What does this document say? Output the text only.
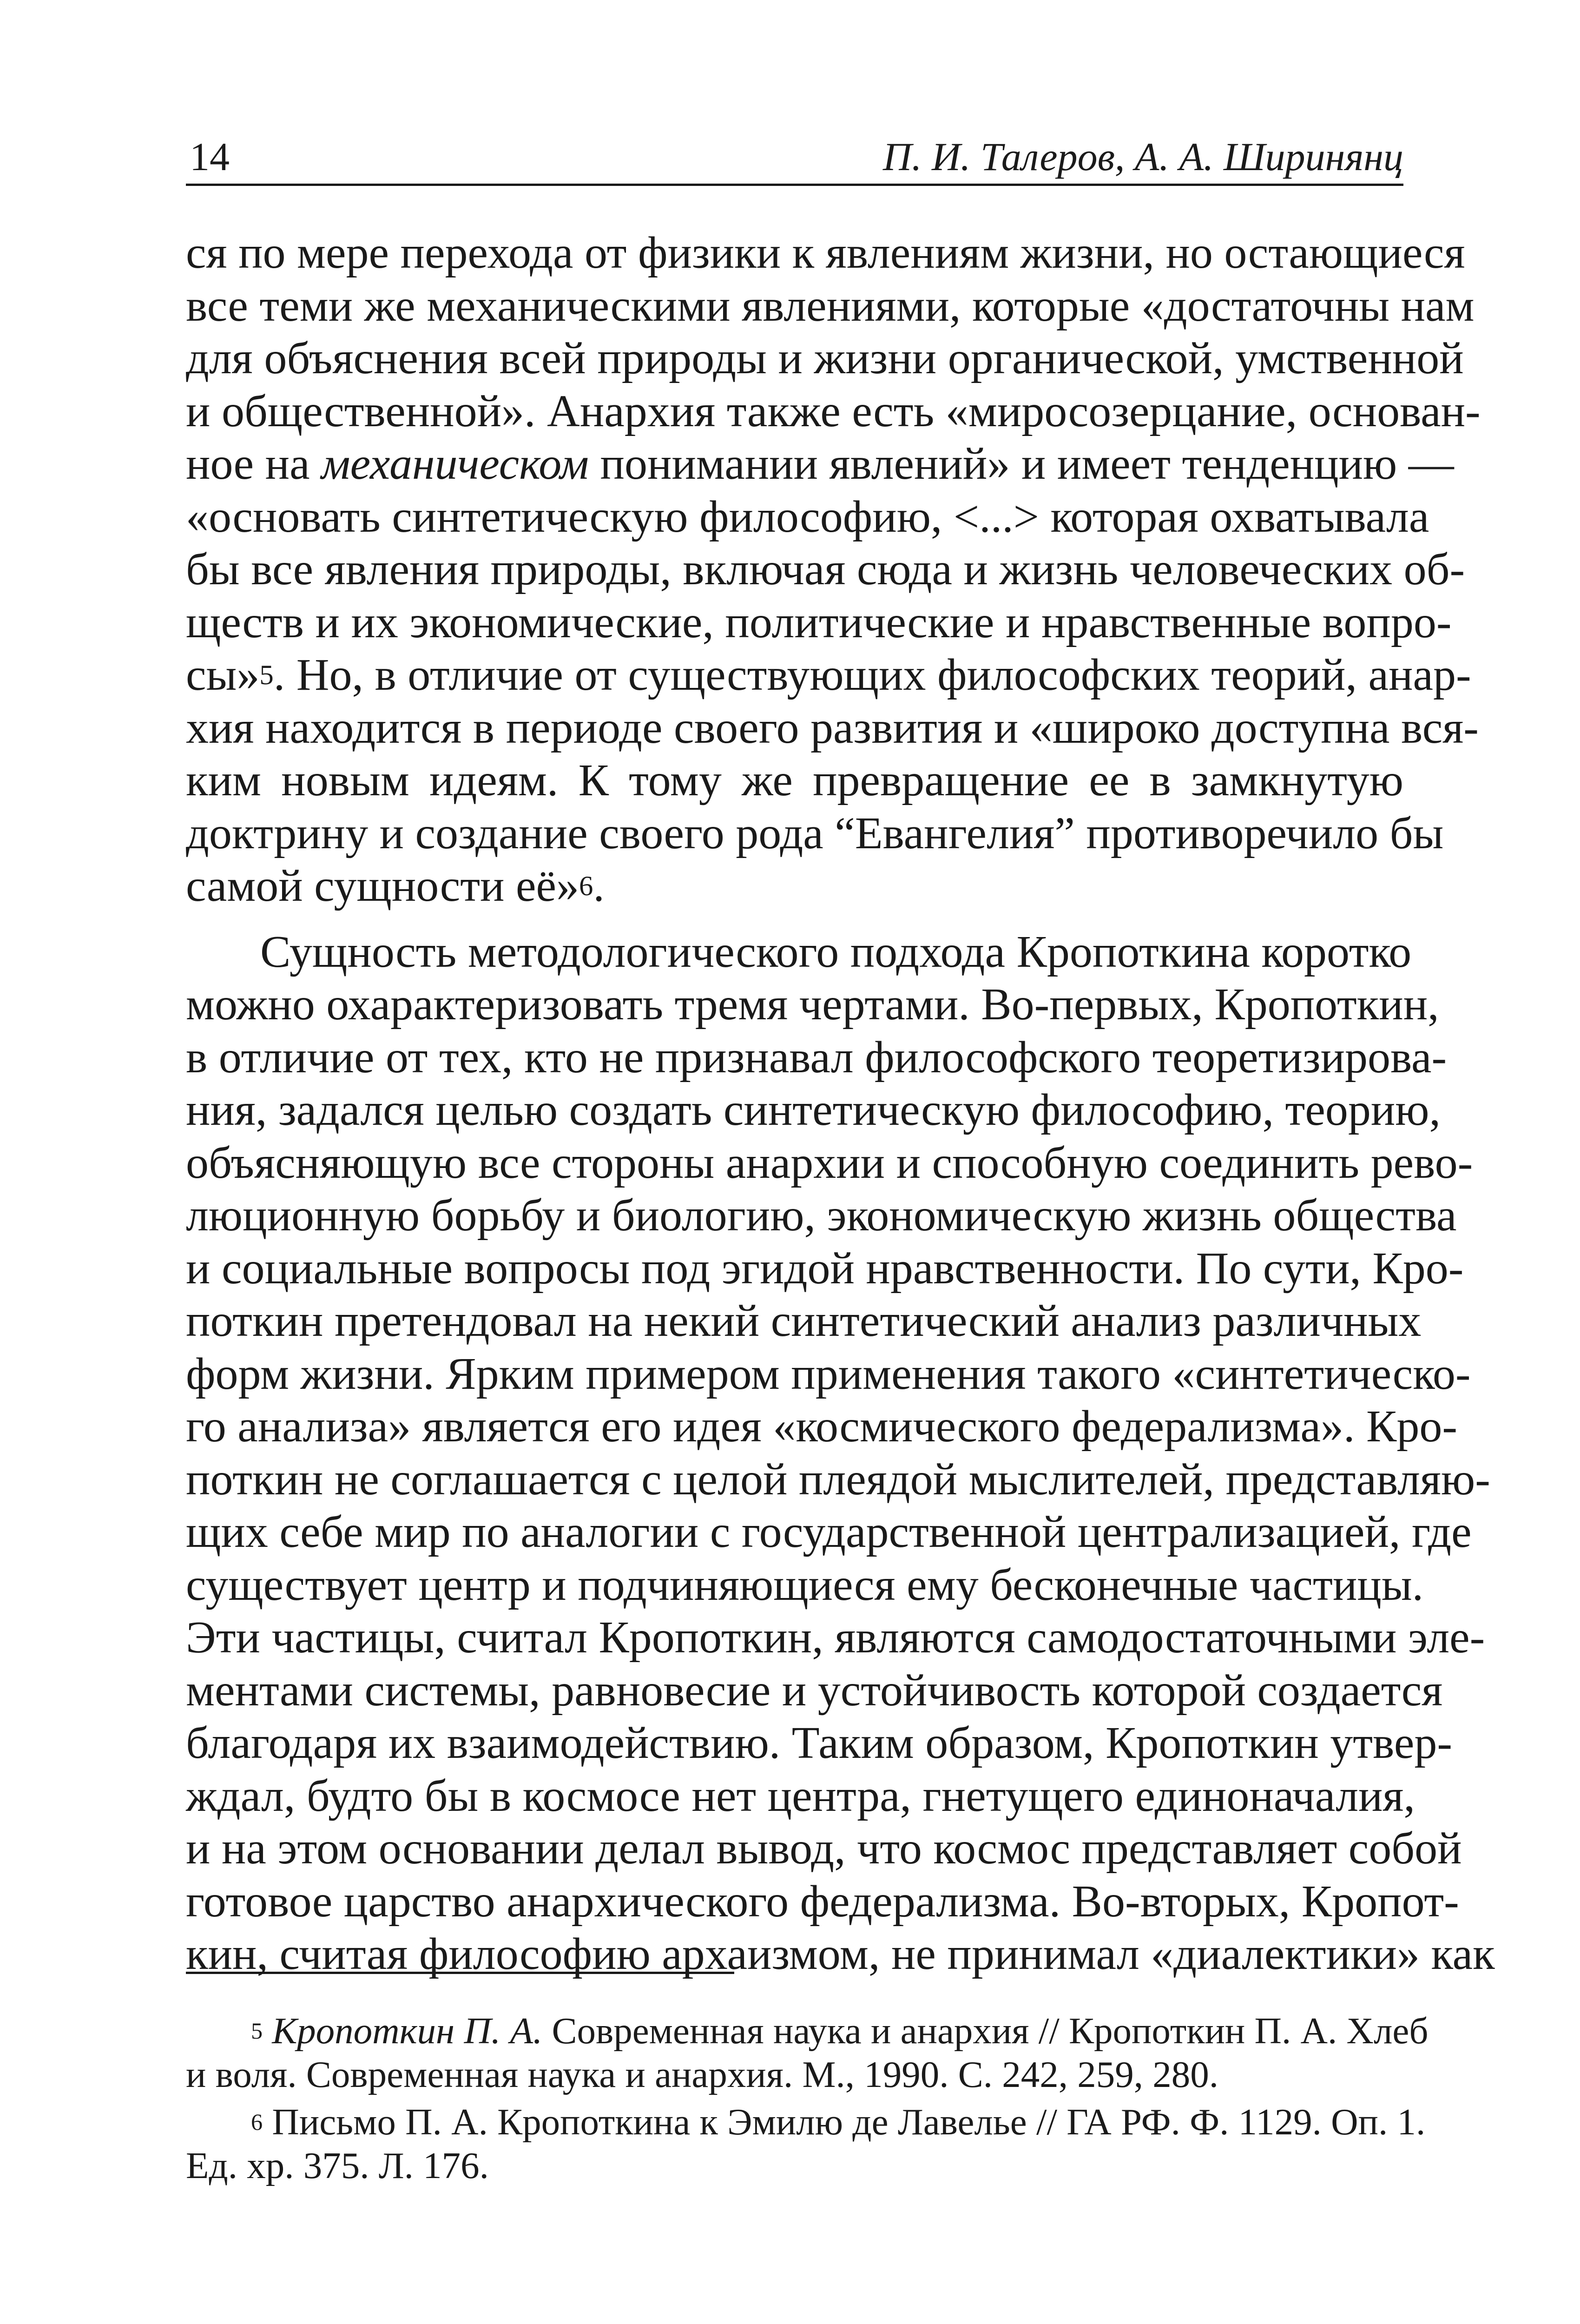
14	П. И. Талеров, А. А. Ширинянц

ся по мере перехода от физики к явлениям жизни, но остающиеся
все теми же механическими явлениями, которые «достаточны нам
для объяснения всей природы и жизни органической, умственной
и общественной». Анархия также есть «миросозерцание, основан-
ное на механическом понимании явлений» и имеет тенденцию —
«основать синтетическую философию, <...> которая охватывала
бы все явления природы, включая сюда и жизнь человеческих об-
ществ и их экономические, политические и нравственные вопро-
сы»$^5$. Но, в отличие от существующих философских теорий, анар-
хия находится в периоде своего развития и «широко доступна вся-
ким новым идеям. К тому же превращение ее в замкнутую
доктрину и создание своего рода “Евангелия” противоречило бы
самой сущности её»$^6$.

Сущность методологического подхода Кропоткина коротко
можно охарактеризовать тремя чертами. Во-первых, Кропоткин,
в отличие от тех, кто не признавал философского теоретизирова-
ния, задался целью создать синтетическую философию, теорию,
объясняющую все стороны анархии и способную соединить рево-
люционную борьбу и биологию, экономическую жизнь общества
и социальные вопросы под эгидой нравственности. По сути, Кро-
поткин претендовал на некий синтетический анализ различных
форм жизни. Ярким примером применения такого «синтетическо-
го анализа» является его идея «космического федерализма». Кро-
поткин не соглашается с целой плеядой мыслителей, представляю-
щих себе мир по аналогии с государственной централизацией, где
существует центр и подчиняющиеся ему бесконечные частицы.
Эти частицы, считал Кропоткин, являются самодостаточными эле-
ментами системы, равновесие и устойчивость которой создается
благодаря их взаимодействию. Таким образом, Кропоткин утвер-
ждал, будто бы в космосе нет центра, гнетущего единоначалия,
и на этом основании делал вывод, что космос представляет собой
готовое царство анархического федерализма. Во-вторых, Кропот-
кин, считая философию архаизмом, не принимал «диалектики» как

$^5$ Кропоткин П. А. Современная наука и анархия // Кропоткин П. А. Хлеб
и воля. Современная наука и анархия. М., 1990. С. 242, 259, 280.
$^6$ Письмо П. А. Кропоткина к Эмилю де Лавелье // ГА РФ. Ф. 1129. Оп. 1.
Ед. хр. 375. Л. 176.
